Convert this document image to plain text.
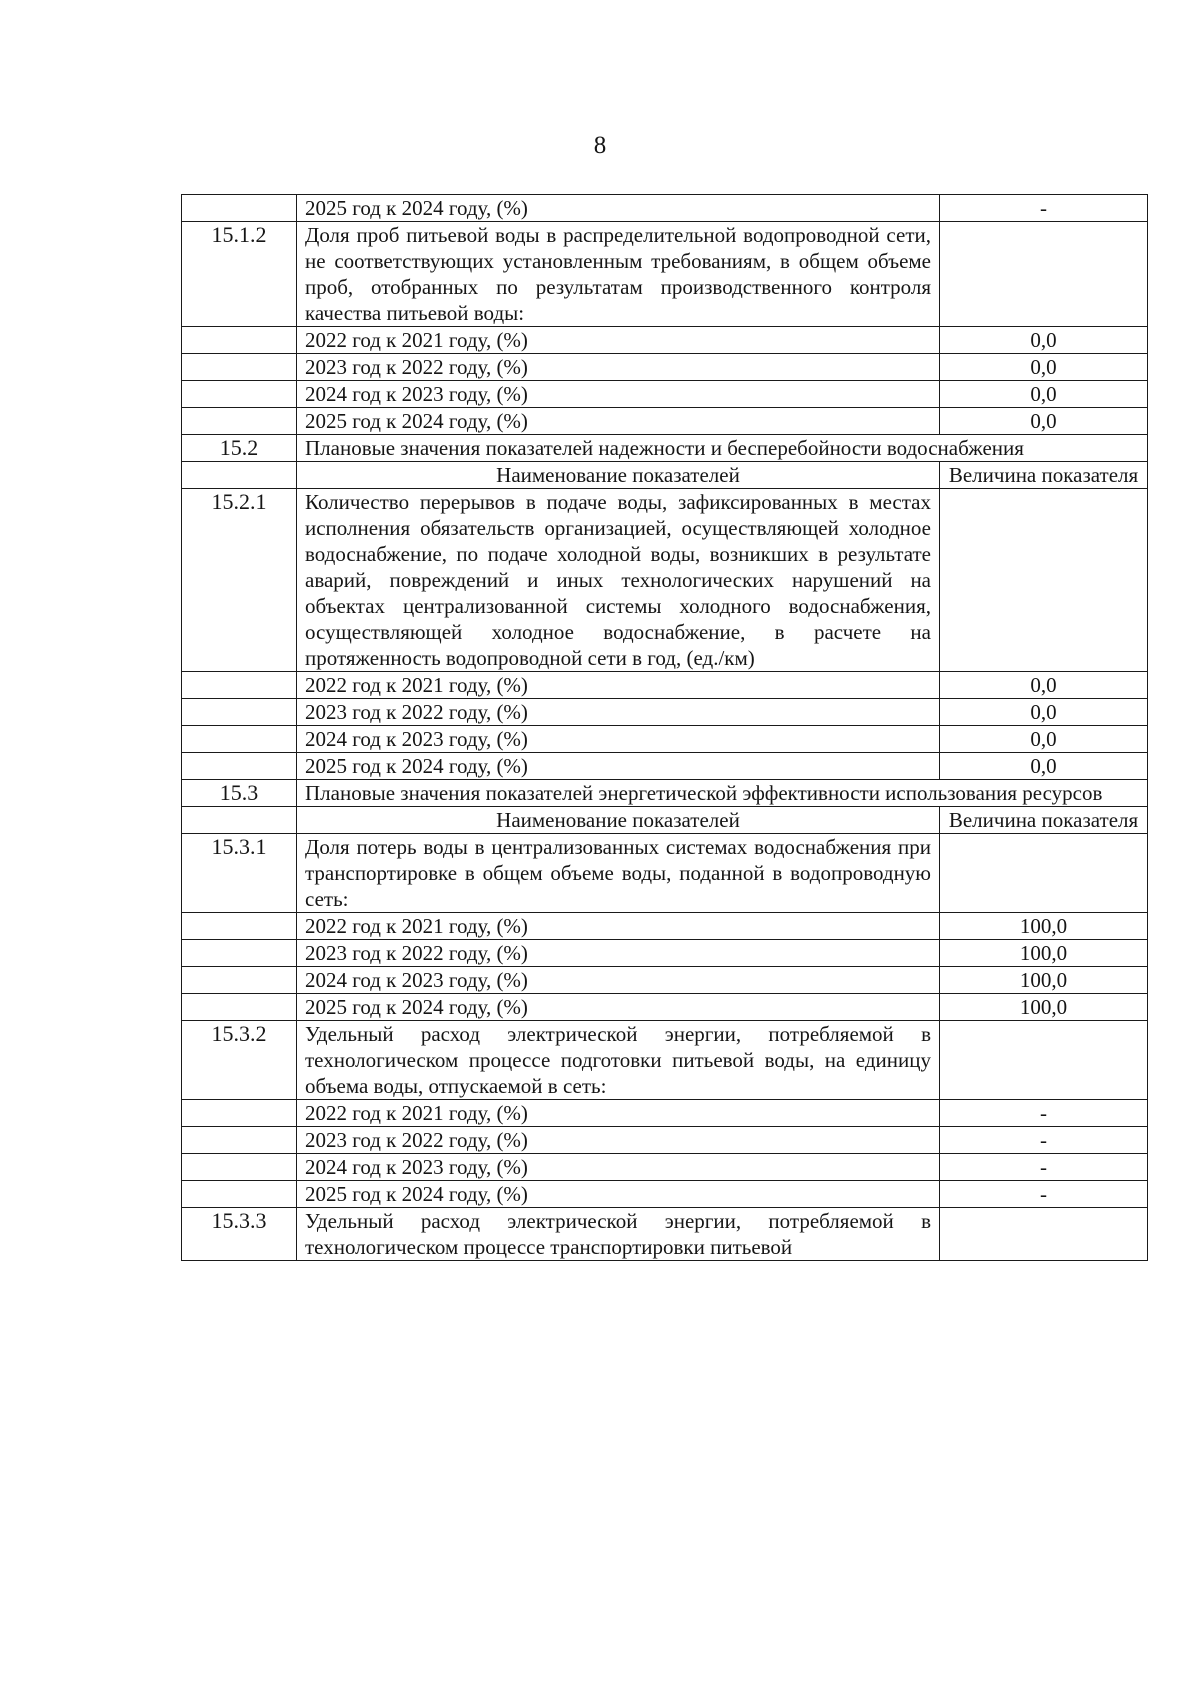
8
	2025 год к 2024 году, (%)	-
15.1.2	Доля проб питьевой воды в распределительной водопроводной сети, не соответствующих установленным требованиям, в общем объеме проб, отобранных по результатам производственного контроля качества питьевой воды:	
	2022 год к 2021 году, (%)	0,0
	2023 год к 2022 году, (%)	0,0
	2024 год к 2023 году, (%)	0,0
	2025 год к 2024 году, (%)	0,0
15.2	Плановые значения показателей надежности и бесперебойности водоснабжения	
	Наименование показателей	Величина показателя
15.2.1	Количество перерывов в подаче воды, зафиксированных в местах исполнения обязательств организацией, осуществляющей холодное водоснабжение, по подаче холодной воды, возникших в результате аварий, повреждений и иных технологических нарушений на объектах централизованной системы холодного водоснабжения, осуществляющей холодное водоснабжение, в расчете на протяженность водопроводной сети в год, (ед./км)	
	2022 год к 2021 году, (%)	0,0
	2023 год к 2022 году, (%)	0,0
	2024 год к 2023 году, (%)	0,0
	2025 год к 2024 году, (%)	0,0
15.3	Плановые значения показателей энергетической эффективности использования ресурсов	
	Наименование показателей	Величина показателя
15.3.1	Доля потерь воды в централизованных системах водоснабжения при транспортировке в общем объеме воды, поданной в водопроводную сеть:	
	2022 год к 2021 году, (%)	100,0
	2023 год к 2022 году, (%)	100,0
	2024 год к 2023 году, (%)	100,0
	2025 год к 2024 году, (%)	100,0
15.3.2	Удельный расход электрической энергии, потребляемой в технологическом процессе подготовки питьевой воды, на единицу объема воды, отпускаемой в сеть:	
	2022 год к 2021 году, (%)	-
	2023 год к 2022 году, (%)	-
	2024 год к 2023 году, (%)	-
	2025 год к 2024 году, (%)	-
15.3.3	Удельный расход электрической энергии, потребляемой в технологическом процессе транспортировки питьевой	
